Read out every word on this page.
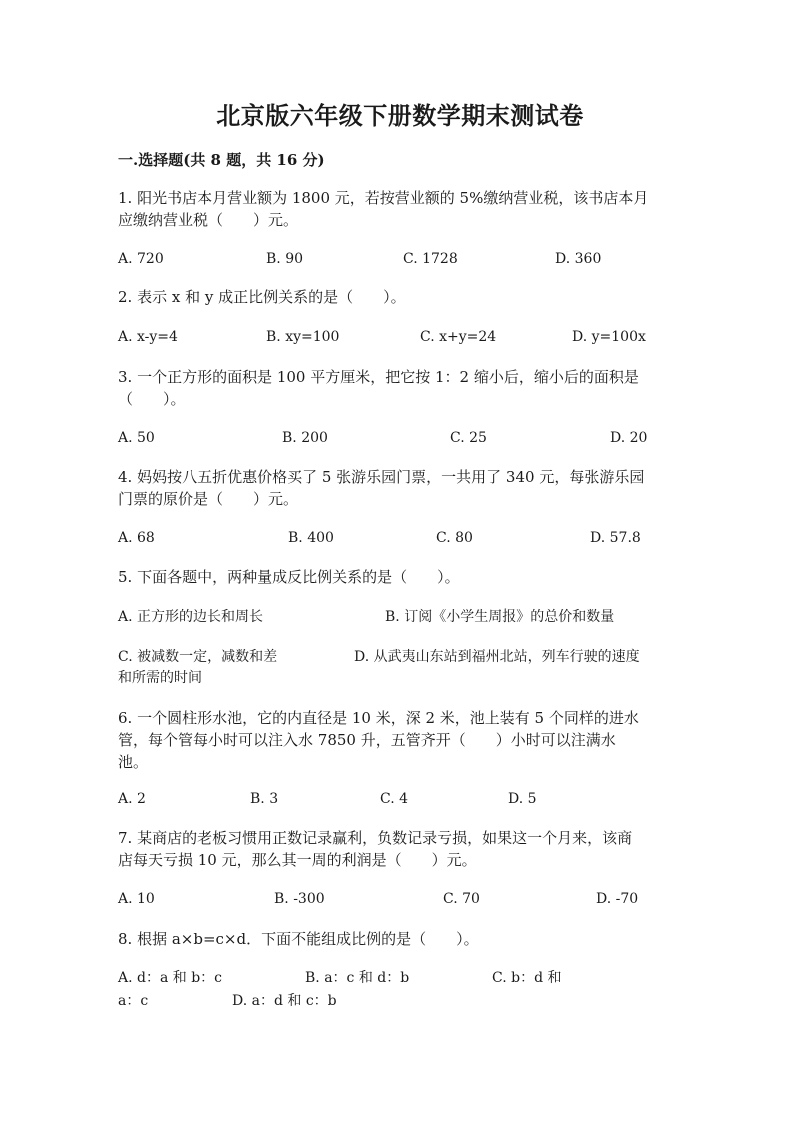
北京版六年级下册数学期末测试卷
一.选择题(共 8 题，共 16 分)
1. 阳光书店本月营业额为 1800 元，若按营业额的 5%缴纳营业税，该书店本月
应缴纳营业税（　　）元。
A. 720	B. 90	C. 1728	D. 360
2. 表示 x 和 y 成正比例关系的是（　　）。
A. x-y=4	B. xy=100	C. x+y=24	D. y=100x
3. 一个正方形的面积是 100 平方厘米，把它按 1：2 缩小后，缩小后的面积是
（　　）。
A. 50	B. 200	C. 25	D. 20
4. 妈妈按八五折优惠价格买了 5 张游乐园门票，一共用了 340 元，每张游乐园
门票的原价是（　　）元。
A. 68	B. 400	C. 80	D. 57.8
5. 下面各题中，两种量成反比例关系的是（　　）。
A. 正方形的边长和周长	B. 订阅《小学生周报》的总价和数量
C. 被减数一定，减数和差	D. 从武夷山东站到福州北站，列车行驶的速度
和所需的时间
6. 一个圆柱形水池，它的内直径是 10 米，深 2 米，池上装有 5 个同样的进水
管，每个管每小时可以注入水 7850 升，五管齐开（　　）小时可以注满水
池。
A. 2	B. 3	C. 4	D. 5
7. 某商店的老板习惯用正数记录赢利，负数记录亏损，如果这一个月来，该商
店每天亏损 10 元，那么其一周的利润是（　　）元。
A. 10	B. -300	C. 70	D. -70
8. 根据 a×b=c×d．下面不能组成比例的是（　　）。
A. d：a 和 b：c	B. a：c 和 d：b	C. b：d 和
a：c	D. a：d 和 c：b
